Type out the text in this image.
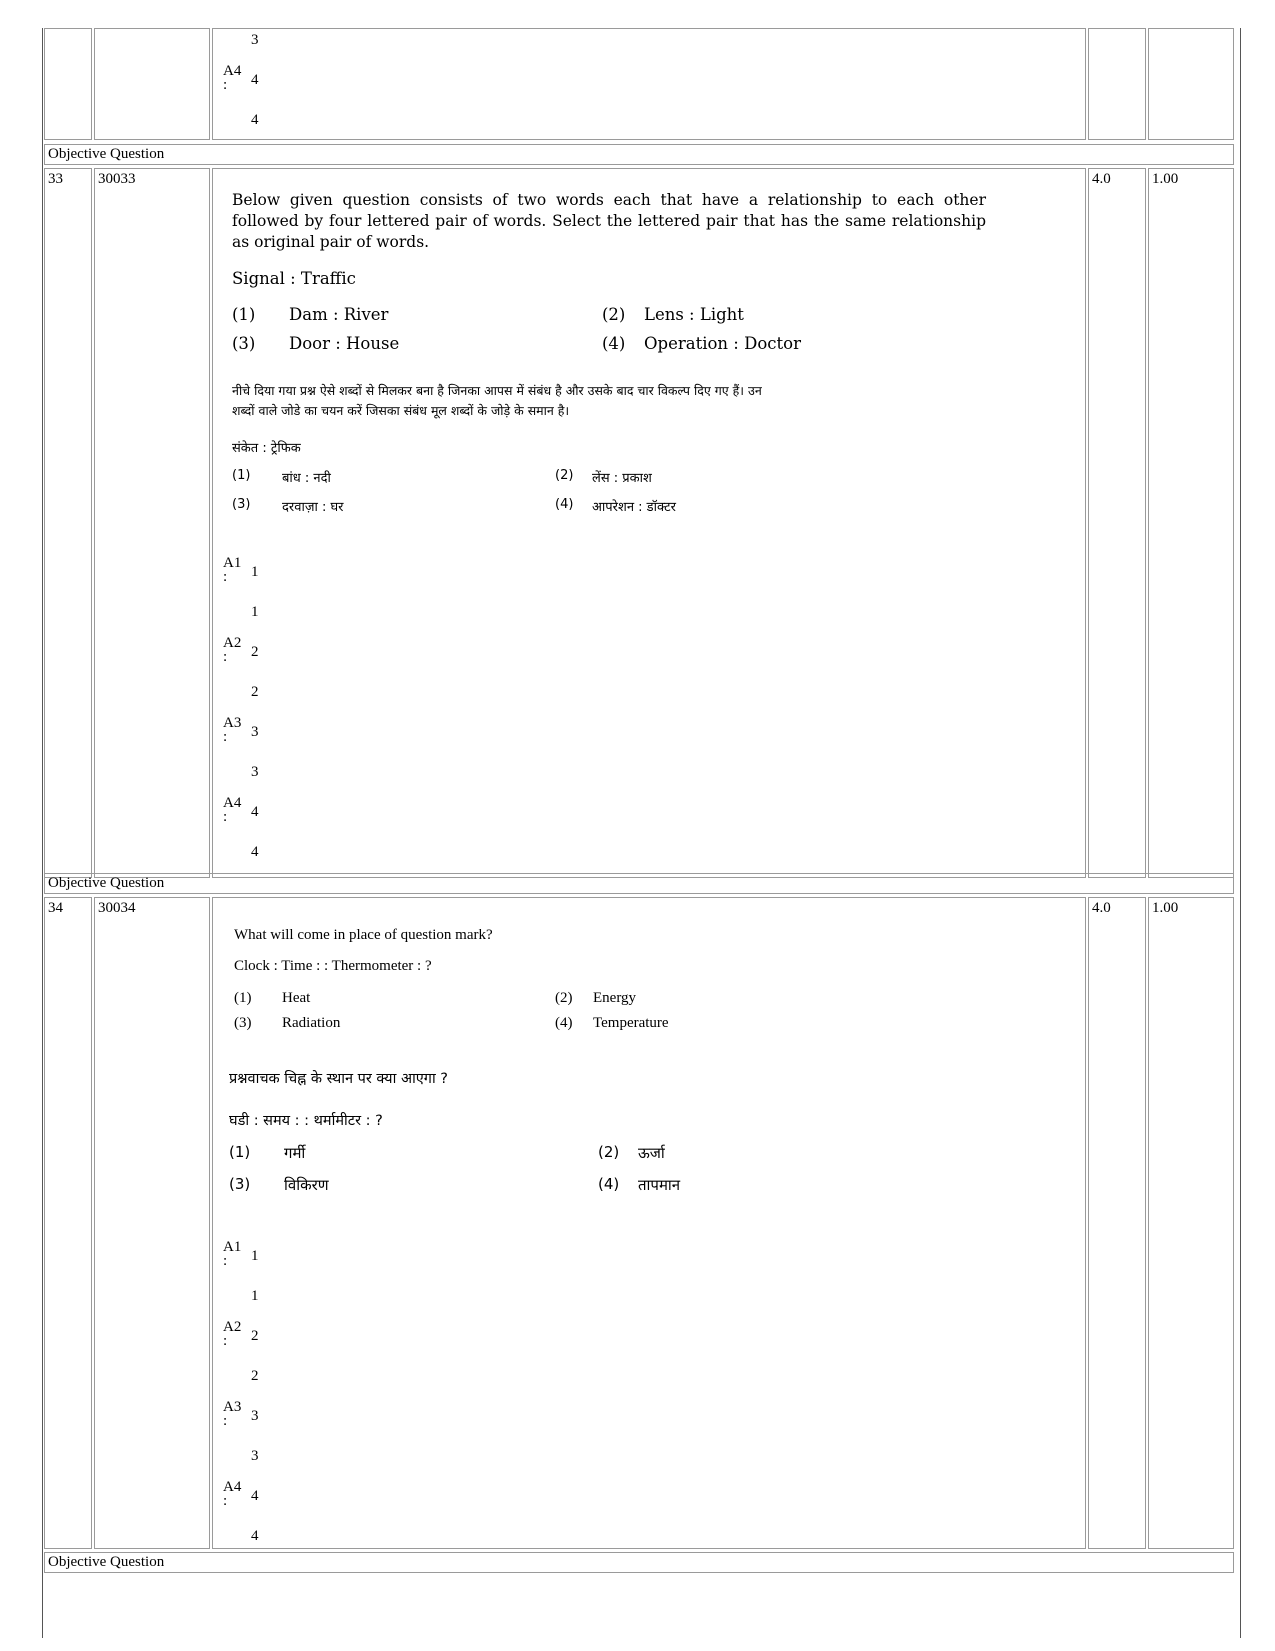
3
A4
:	4
4
Objective Question
33	30033	4.0	1.00
Below given question consists of two words each that have a relationship to each other followed by four lettered pair of words. Select the lettered pair that has the same relationship as original pair of words.
Signal : Traffic
(1) Dam : River	(2) Lens : Light
(3) Door : House	(4) Operation : Doctor
नीचे दिया गया प्रश्न ऐसे शब्दों से मिलकर बना है जिनका आपस में संबंध है और उसके बाद चार विकल्प दिए गए हैं। उन
शब्दों वाले जोडे का चयन करें जिसका संबंध मूल शब्दों के जोड़े के समान है।
संकेत : ट्रेफिक
(1) बांध : नदी	(2) लेंस : प्रकाश
(3) दरवाज़ा : घर	(4) आपरेशन : डॉक्टर
A1
:	1
1
A2
:	2
2
A3
:	3
3
A4
:	4
4
Objective Question
34	30034	4.0	1.00
What will come in place of question mark?
Clock : Time : : Thermometer : ?
(1) Heat	(2) Energy
(3) Radiation	(4) Temperature
प्रश्नवाचक चिह्न के स्थान पर क्या आएगा ?
घडी : समय : : थर्मामीटर : ?
(1) गर्मी	(2) ऊर्जा
(3) विकिरण	(4) तापमान
A1
:	1
1
A2
:	2
2
A3
:	3
3
A4
:	4
4
Objective Question
